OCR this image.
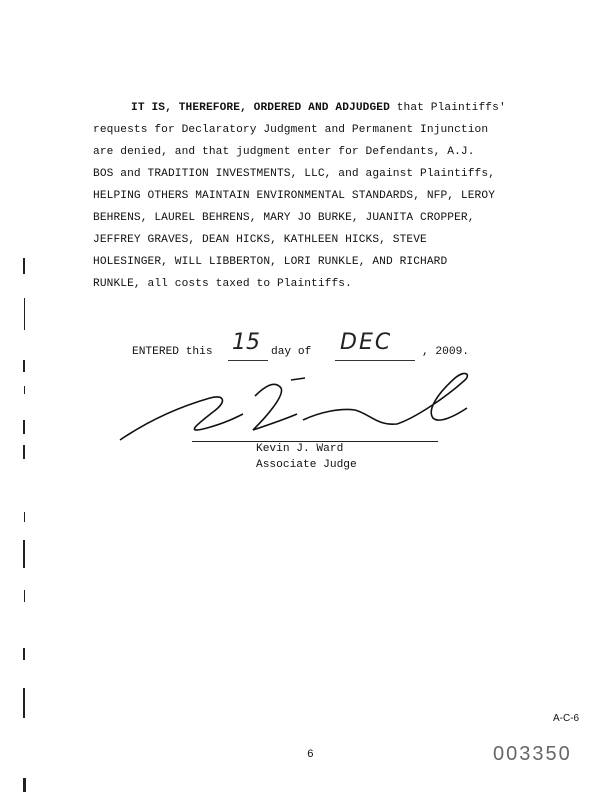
IT IS, THEREFORE, ORDERED AND ADJUDGED that Plaintiffs'
requests for Declaratory Judgment and Permanent Injunction
are denied, and that judgment enter for Defendants, A.J.
BOS and TRADITION INVESTMENTS, LLC, and against Plaintiffs,
HELPING OTHERS MAINTAIN ENVIRONMENTAL STANDARDS, NFP, LEROY
BEHRENS, LAUREL BEHRENS, MARY JO BURKE, JUANITA CROPPER,
JEFFREY GRAVES, DEAN HICKS, KATHLEEN HICKS, STEVE
HOLESINGER, WILL LIBBERTON, LORI RUNKLE, AND RICHARD
RUNKLE, all costs taxed to Plaintiffs.
ENTERED this 15 day of DEC	, 2009.
Kevin J. Ward
Associate Judge
A-C-6
6	003350
